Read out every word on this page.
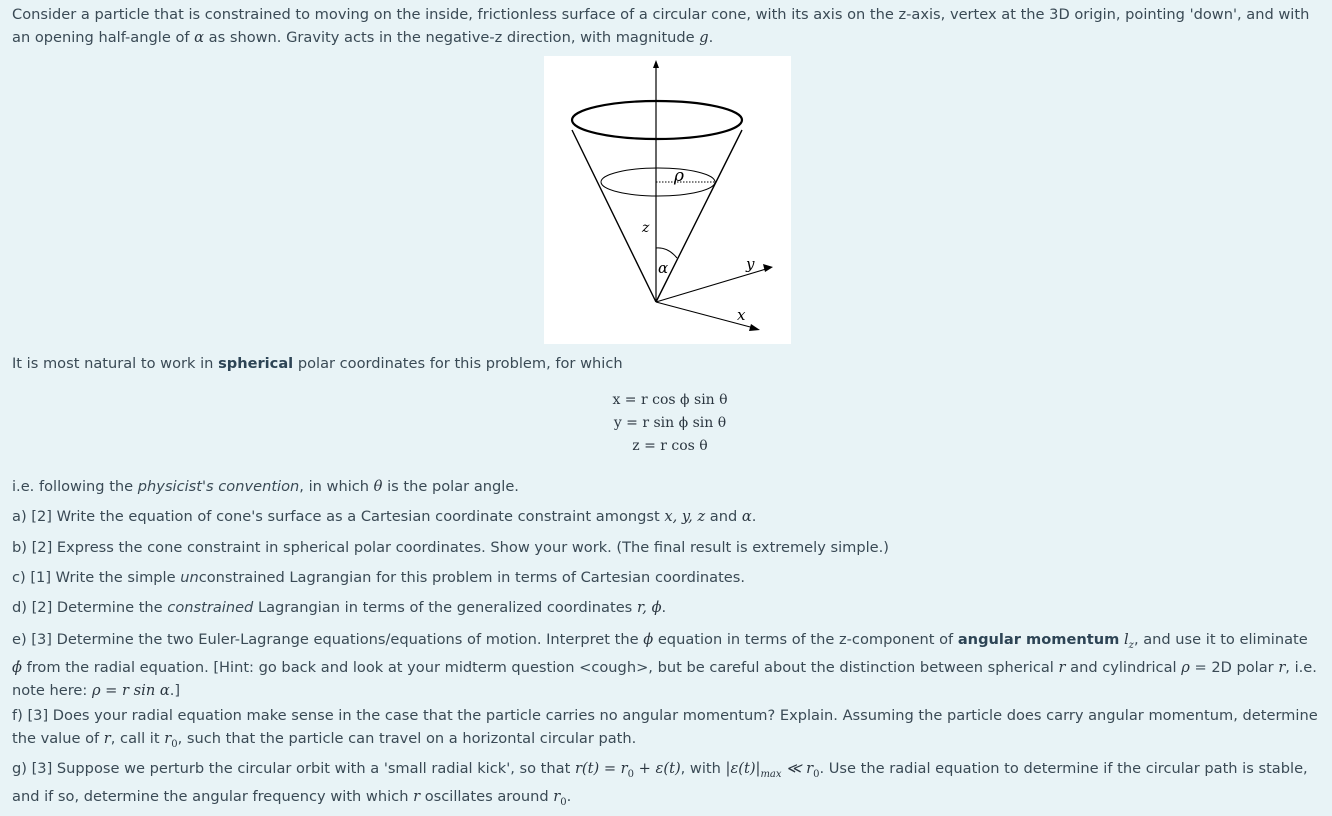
Consider a particle that is constrained to moving on the inside, frictionless surface of a circular cone, with its axis on the z-axis, vertex at the 3D origin, pointing 'down', and with an opening half-angle of α as shown. Gravity acts in the negative-z direction, with magnitude g.

ρ
z
α	y
x

It is most natural to work in spherical polar coordinates for this problem, for which

x = r cos ϕ sin θ
y = r sin ϕ sin θ
z = r cos θ

i.e. following the physicist's convention, in which θ is the polar angle.

a) [2] Write the equation of cone's surface as a Cartesian coordinate constraint amongst x, y, z and α.

b) [2] Express the cone constraint in spherical polar coordinates. Show your work. (The final result is extremely simple.)

c) [1] Write the simple unconstrained Lagrangian for this problem in terms of Cartesian coordinates.

d) [2] Determine the constrained Lagrangian in terms of the generalized coordinates r, ϕ.

e) [3] Determine the two Euler-Lagrange equations/equations of motion. Interpret the ϕ equation in terms of the z-component of angular momentum $l_z$, and use it to eliminate ϕ̇ from the radial equation. [Hint: go back and look at your midterm question <cough>, but be careful about the distinction between spherical r and cylindrical ρ = 2D polar r, i.e. note here: ρ = r sin α.]

f) [3] Does your radial equation make sense in the case that the particle carries no angular momentum? Explain. Assuming the particle does carry angular momentum, determine the value of r, call it $r_0$, such that the particle can travel on a horizontal circular path.

g) [3] Suppose we perturb the circular orbit with a 'small radial kick', so that $r(t) = r_0 + \varepsilon(t)$, with $|\varepsilon(t)|_{max}$ ≪ $r_0$. Use the radial equation to determine if the circular path is stable, and if so, determine the angular frequency with which r oscillates around $r_0$.
